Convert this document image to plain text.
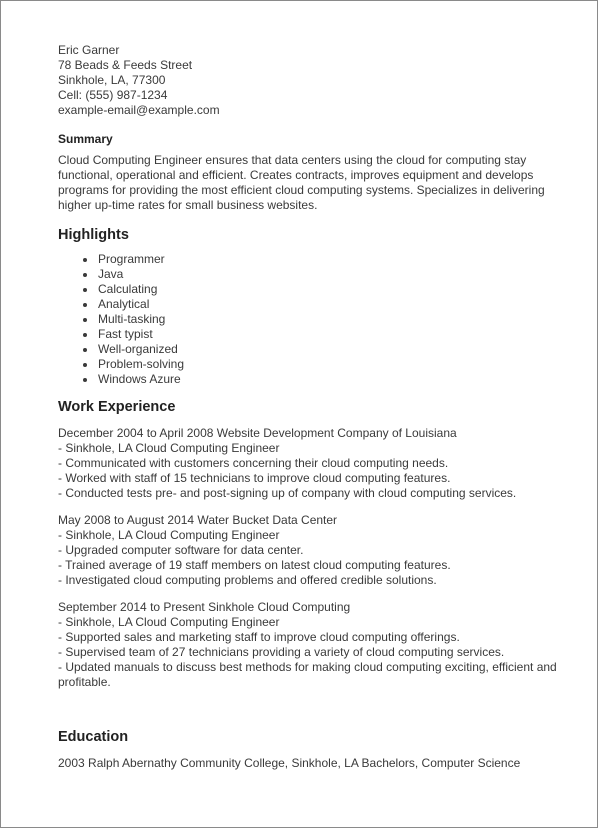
Eric Garner
78 Beads & Feeds Street
Sinkhole, LA, 77300
Cell: (555) 987-1234
example-email@example.com
Summary

Cloud Computing Engineer ensures that data centers using the cloud for computing stay functional, operational and efficient. Creates contracts, improves equipment and develops programs for providing the most efficient cloud computing systems. Specializes in delivering higher up-time rates for small business websites.

Highlights
Programmer
Java
Calculating
Analytical
Multi-tasking
Fast typist
Well-organized
Problem-solving
Windows Azure
Work Experience
December 2004 to April 2008 Website Development Company of Louisiana
- Sinkhole, LA Cloud Computing Engineer
- Communicated with customers concerning their cloud computing needs.
- Worked with staff of 15 technicians to improve cloud computing features.
- Conducted tests pre- and post-signing up of company with cloud computing services.
May 2008 to August 2014 Water Bucket Data Center
- Sinkhole, LA Cloud Computing Engineer
- Upgraded computer software for data center.
- Trained average of 19 staff members on latest cloud computing features.
- Investigated cloud computing problems and offered credible solutions.
September 2014 to Present Sinkhole Cloud Computing
- Sinkhole, LA Cloud Computing Engineer
- Supported sales and marketing staff to improve cloud computing offerings.
- Supervised team of 27 technicians providing a variety of cloud computing services.
- Updated manuals to discuss best methods for making cloud computing exciting, efficient and profitable.
Education
2003 Ralph Abernathy Community College, Sinkhole, LA Bachelors, Computer Science
